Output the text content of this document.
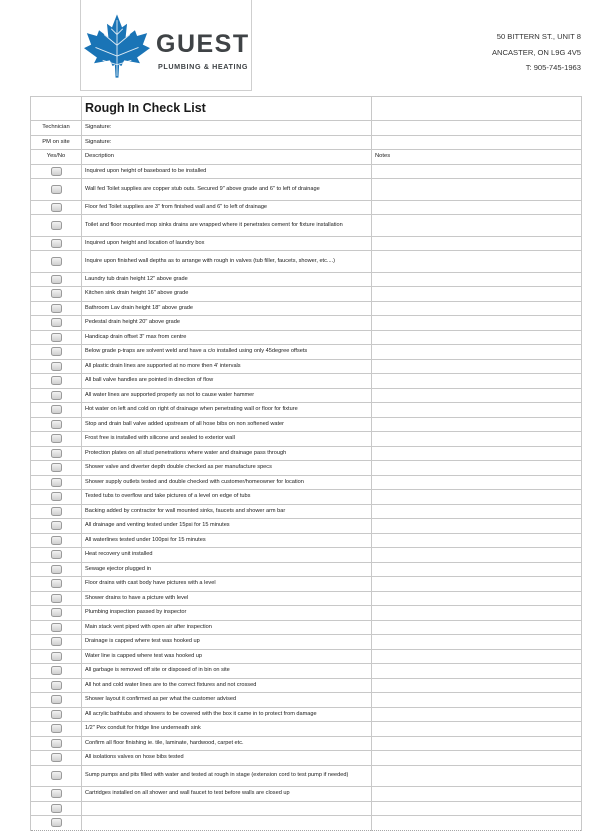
GUEST
PLUMBING & HEATING
50 BITTERN ST., UNIT 8
ANCASTER, ON L9G 4V5
T: 905-745-1963
	Rough In Check List	
Technician	Signature:	
PM on site	Signature:	
Yes/No	Description	Notes
	Inquired upon height of baseboard to be installed	
	Wall fed Toilet supplies are copper stub outs. Secured 9" above grade and 6" to left of drainage	
	Floor fed Toilet supplies are 3" from finished wall and 6" to left of drainage	
	Toilet and floor mounted mop sinks drains are wrapped where it penetrates cement for fixture installation	
	Inquired upon height and location of laundry box	
	Inquire upon finished wall depths as to arrange with rough in valves (tub filler, faucets, shower, etc....)	
	Laundry tub drain height 12" above grade	
	Kitchen sink drain height 16" above grade	
	Bathroom Lav drain height 18" above grade	
	Pedestal drain height 20" above grade	
	Handicap drain offset 3" max from centre	
	Below grade p-traps are solvent weld and have a c/o installed using only 45degree offsets	
	All plastic drain lines are supported at no more then 4' intervals	
	All ball valve handles are pointed in direction of flow	
	All water lines are supported properly as not to cause water hammer	
	Hot water on left and cold on right of drainage when penetrating wall or floor for fixture	
	Stop and drain ball valve added upstream of all hose bibs on non softened water	
	Frost free is installed with silicone and sealed to exterior wall	
	Protection plates on all stud penetrations where water and drainage pass through	
	Shower valve and diverter depth double checked as per manufacture specs	
	Shower supply outlets tested and double checked with customer/homeowner for location	
	Tested tubs to overflow and take pictures of a level on edge of tubs	
	Backing added by contractor for wall mounted sinks, faucets and shower arm bar	
	All drainage and venting tested under 15psi for 15 minutes	
	All waterlines tested under 100psi for 15 minutes	
	Heat recovery unit installed	
	Sewage ejector plugged in	
	Floor drains with cast body have pictures with a level	
	Shower drains to have a picture with level	
	Plumbing inspection passed by inspector	
	Main stack vent piped with open air after inspection	
	Drainage is capped where test was hooked up	
	Water line is capped where test was hooked up	
	All garbage is removed off site or disposed of in bin on site	
	All hot and cold water lines are to the correct fixtures and not crossed	
	Shower layout it confirmed as per what the customer advised	
	All acrylic bathtubs and showers to be covered with the box it came in to protect from damage	
	1/2" Pex conduit for fridge line underneath sink	
	Confirm all floor finishing ie. tile, laminate, hardwood, carpet etc.	
	All isolations valves on hose bibs tested	
	Sump pumps and pits filled with water and tested at rough in stage (extension cord to test pump if needed)	
	Cartridges installed on all shower and wall faucet to test before walls are closed up	
